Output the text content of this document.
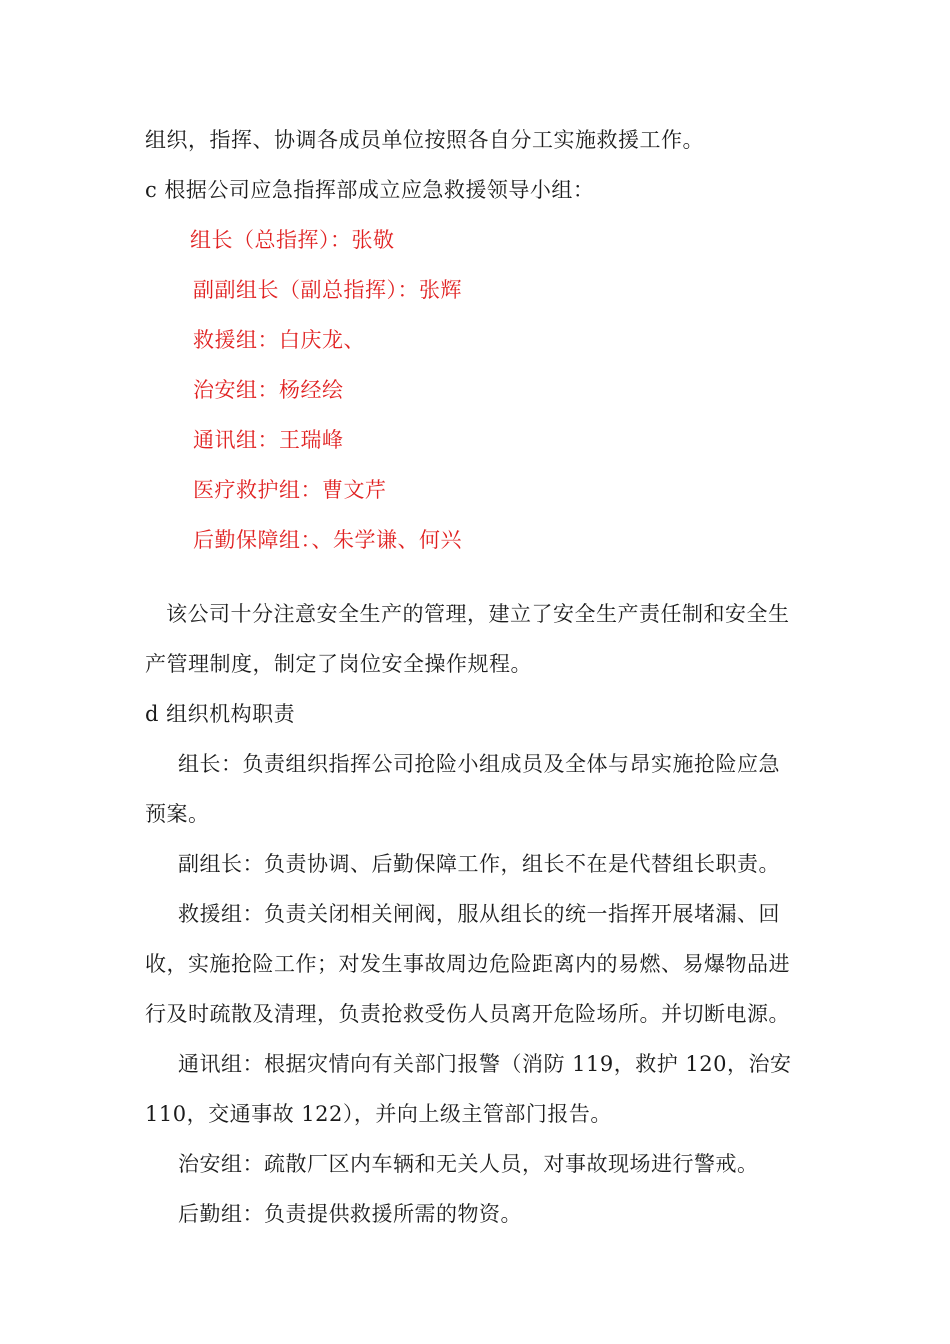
组织，指挥、协调各成员单位按照各自分工实施救援工作。
c 根据公司应急指挥部成立应急救援领导小组：
组长（总指挥）：张敬
副副组长（副总指挥）：张辉
救援组：白庆龙、
治安组：杨经绘
通讯组：王瑞峰
医疗救护组：曹文芹
后勤保障组：、朱学谦、何兴
该公司十分注意安全生产的管理，建立了安全生产责任制和安全生
产管理制度，制定了岗位安全操作规程。
d 组织机构职责
组长：负责组织指挥公司抢险小组成员及全体与昂实施抢险应急
预案。
副组长：负责协调、后勤保障工作，组长不在是代替组长职责。
救援组：负责关闭相关闸阀，服从组长的统一指挥开展堵漏、回
收，实施抢险工作；对发生事故周边危险距离内的易燃、易爆物品进
行及时疏散及清理，负责抢救受伤人员离开危险场所。并切断电源。
通讯组：根据灾情向有关部门报警（消防 119，救护 120，治安
110，交通事故 122），并向上级主管部门报告。
治安组：疏散厂区内车辆和无关人员，对事故现场进行警戒。
后勤组：负责提供救援所需的物资。
